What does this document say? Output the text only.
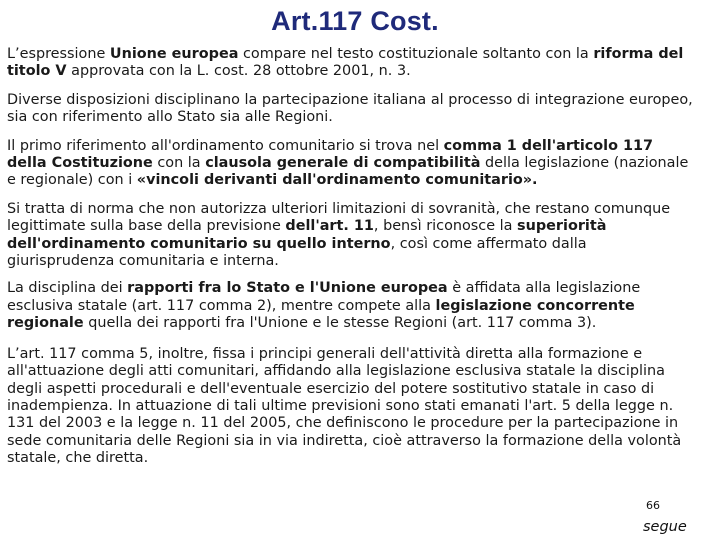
Art.117 Cost.

L’espressione Unione europea compare nel testo costituzionale soltanto con la riforma del titolo V approvata con la L. cost. 28 ottobre 2001, n. 3.

Diverse disposizioni disciplinano la partecipazione italiana al processo di integrazione europeo, sia con riferimento allo Stato sia alle Regioni.

Il primo riferimento all'ordinamento comunitario si trova nel comma 1 dell'articolo 117 della Costituzione con la clausola generale di compatibilità della legislazione (nazionale e regionale) con i «vincoli derivanti dall'ordinamento comunitario».

Si tratta di norma che non autorizza ulteriori limitazioni di sovranità, che restano comunque legittimate sulla base della previsione dell'art. 11, bensì riconosce la superiorità dell'ordinamento comunitario su quello interno, così come affermato dalla giurisprudenza comunitaria e interna.

La disciplina dei rapporti fra lo Stato e l'Unione europea è affidata alla legislazione esclusiva statale (art. 117 comma 2), mentre compete alla legislazione concorrente regionale quella dei rapporti fra l'Unione e le stesse Regioni (art. 117 comma 3).

L’art. 117 comma 5, inoltre, fissa i principi generali dell'attività diretta alla formazione e all'attuazione degli atti comunitari, affidando alla legislazione esclusiva statale la disciplina degli aspetti procedurali e dell'eventuale esercizio del potere sostitutivo statale in caso di inadempienza. In attuazione di tali ultime previsioni sono stati emanati l'art. 5 della legge n. 131 del 2003 e la legge n. 11 del 2005, che definiscono le procedure per la partecipazione in sede comunitaria delle Regioni sia in via indiretta, cioè attraverso la formazione della volontà statale, che diretta.

66
segue
